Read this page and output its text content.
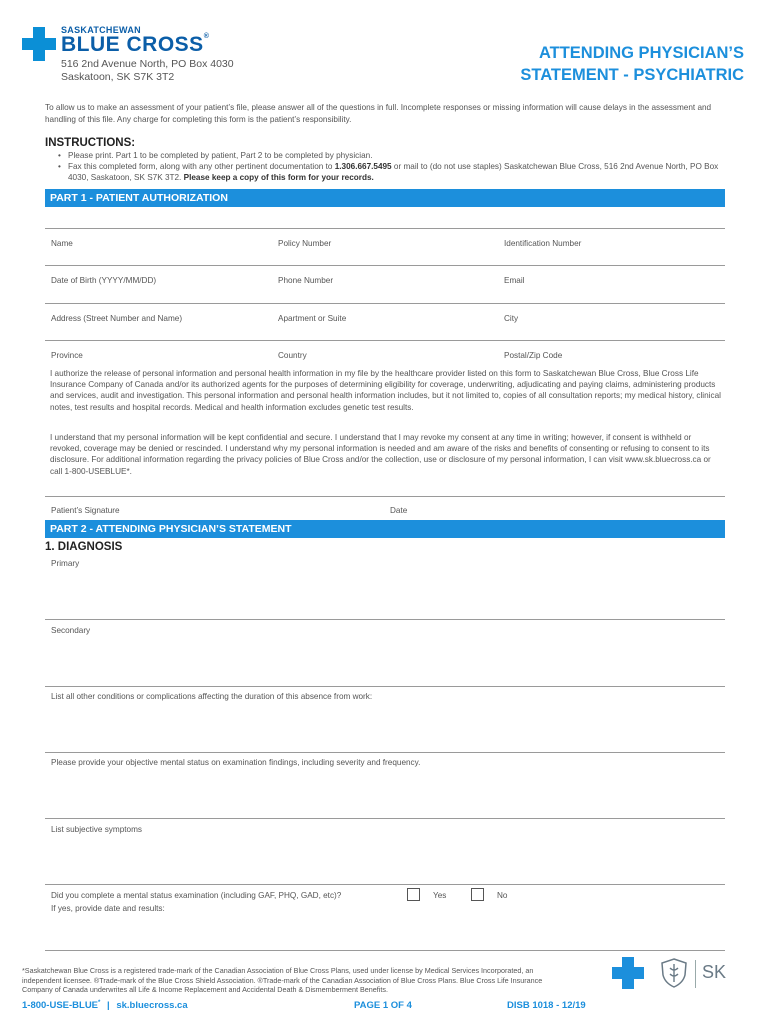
SASKATCHEWAN
BLUE CROSS®
516 2nd Avenue North, PO Box 4030
Saskatoon, SK S7K 3T2
ATTENDING PHYSICIAN’S
STATEMENT - PSYCHIATRIC
To allow us to make an assessment of your patient’s file, please answer all of the questions in full. Incomplete responses or missing information will cause delays in the assessment and handling of this file. Any charge for completing this form is the patient’s responsibility.
INSTRUCTIONS:
• Please print. Part 1 to be completed by patient, Part 2 to be completed by physician.
• Fax this completed form, along with any other pertinent documentation to 1.306.667.5495 or mail to (do not use staples) Saskatchewan Blue Cross, 516 2nd Avenue North, PO Box 4030, Saskatoon, SK S7K 3T2. Please keep a copy of this form for your records.
PART 1 - PATIENT AUTHORIZATION
Name	Policy Number	Identification Number
Date of Birth (YYYY/MM/DD)	Phone Number	Email
Address (Street Number and Name)	Apartment or Suite	City
Province	Country	Postal/Zip Code
I authorize the release of personal information and personal health information in my file by the healthcare provider listed on this form to Saskatchewan Blue Cross, Blue Cross Life Insurance Company of Canada and/or its authorized agents for the purposes of determining eligibility for coverage, underwriting, adjudicating and paying claims, administering products and services, audit and investigation. This personal information and personal health information includes, but it not limited to, copies of all consultation reports; my medical history, clinical notes, test results and hospital records. Medical and health information excludes genetic test results.
I understand that my personal information will be kept confidential and secure. I understand that I may revoke my consent at any time in writing; however, if consent is withheld or revoked, coverage may be denied or rescinded. I understand why my personal information is needed and am aware of the risks and benefits of consenting or refusing to consent to its disclosure. For additional information regarding the privacy policies of Blue Cross and/or the collection, use or disclosure of my personal information, I can visit www.sk.bluecross.ca or call 1-800-USEBLUE*.
Patient’s Signature	Date
PART 2 - ATTENDING PHYSICIAN’S STATEMENT
1. DIAGNOSIS
Primary
Secondary
List all other conditions or complications affecting the duration of this absence from work:
Please provide your objective mental status on examination findings, including severity and frequency.
List subjective symptoms
Did you complete a mental status examination (including GAF, PHQ, GAD, etc)?	Yes	No
If yes, provide date and results:
*Saskatchewan Blue Cross is a registered trade-mark of the Canadian Association of Blue Cross Plans, used under license by Medical Services Incorporated, an independent licensee. ®Trade-mark of the Blue Cross Shield Association. ®Trade-mark of the Canadian Association of Blue Cross Plans. Blue Cross Life Insurance Company of Canada underwrites all Life & Income Replacement and Accidental Death & Dismemberment Benefits.
1-800-USE-BLUE* | sk.bluecross.ca	PAGE 1 OF 4	DISB 1018 - 12/19
SK
